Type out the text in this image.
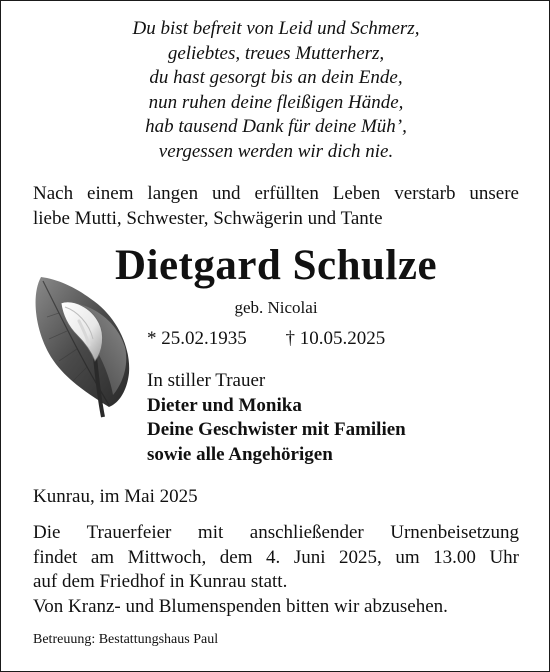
Du bist befreit von Leid und Schmerz,
geliebtes, treues Mutterherz,
du hast gesorgt bis an dein Ende,
nun ruhen deine fleißigen Hände,
hab tausend Dank für deine Müh’,
vergessen werden wir dich nie.
Nach einem langen und erfüllten Leben verstarb unsere
liebe Mutti, Schwester, Schwägerin und Tante
Dietgard Schulze
geb. Nicolai
* 25.02.1935 † 10.05.2025
In stiller Trauer
Dieter und Monika
Deine Geschwister mit Familien
sowie alle Angehörigen
Kunrau, im Mai 2025
Die Trauerfeier mit anschließender Urnenbeisetzung
findet am Mittwoch, dem 4. Juni 2025, um 13.00 Uhr
auf dem Friedhof in Kunrau statt.
Von Kranz- und Blumenspenden bitten wir abzusehen.
Betreuung: Bestattungshaus Paul
